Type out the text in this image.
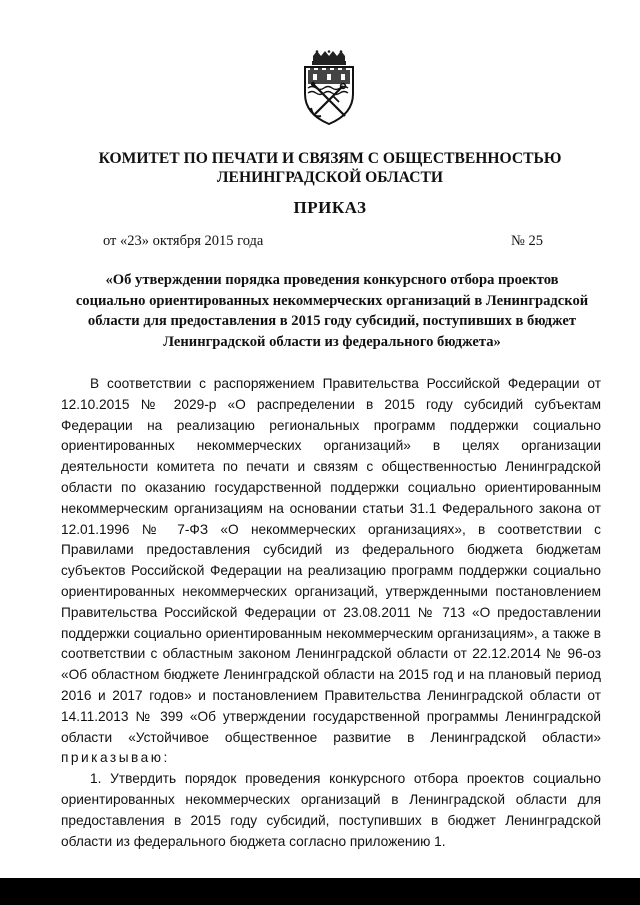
КОМИТЕТ ПО ПЕЧАТИ И СВЯЗЯМ С ОБЩЕСТВЕННОСТЬЮ
ЛЕНИНГРАДСКОЙ ОБЛАСТИ
ПРИКАЗ
от «23» октября 2015 года	№ 25
«Об утверждении порядка проведения конкурсного отбора проектов
социально ориентированных некоммерческих организаций в Ленинградской
области для предоставления в 2015 году субсидий, поступивших в бюджет
Ленинградской области из федерального бюджета»

В соответствии с распоряжением Правительства Российской Федерации от 12.10.2015 № 2029-р «О распределении в 2015 году субсидий субъектам Федерации на реализацию региональных программ поддержки социально ориентированных некоммерческих организаций» в целях организации деятельности комитета по печати и связям с общественностью Ленинградской области по оказанию государственной поддержки социально ориентированным некоммерческим организациям на основании статьи 31.1 Федерального закона от 12.01.1996 № 7-ФЗ «О некоммерческих организациях», в соответствии с Правилами предоставления субсидий из федерального бюджета бюджетам субъектов Российской Федерации на реализацию программ поддержки социально ориентированных некоммерческих организаций, утвержденными постановлением Правительства Российской Федерации от 23.08.2011 № 713 «О предоставлении поддержки социально ориентированным некоммерческим организациям», а также в соответствии с областным законом Ленинградской области от 22.12.2014 № 96-оз «Об областном бюджете Ленинградской области на 2015 год и на плановый период 2016 и 2017 годов» и постановлением Правительства Ленинградской области от 14.11.2013 № 399 «Об утверждении государственной программы Ленинградской области «Устойчивое общественное развитие в Ленинградской области» приказываю:

1. Утвердить порядок проведения конкурсного отбора проектов социально ориентированных некоммерческих организаций в Ленинградской области для предоставления в 2015 году субсидий, поступивших в бюджет Ленинградской области из федерального бюджета согласно приложению 1.
